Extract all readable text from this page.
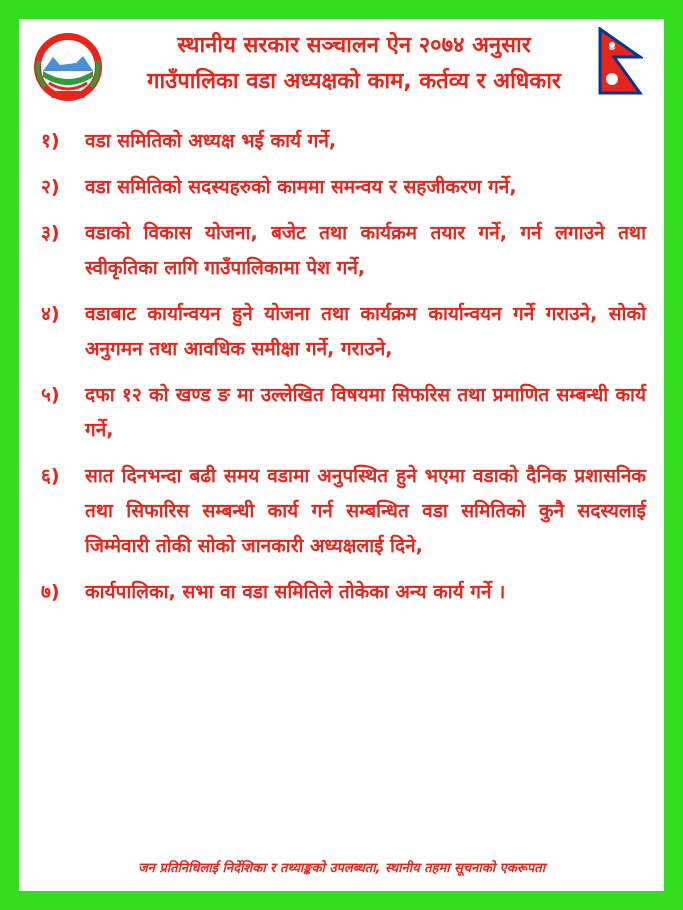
स्थानीय सरकार सञ्चालन ऐन २०७४ अनुसार
गाउँपालिका वडा अध्यक्षको काम, कर्तव्य र अधिकार
१)	वडा समितिको अध्यक्ष भई कार्य गर्ने,
२)	वडा समितिको सदस्यहरुको काममा समन्वय र सहजीकरण गर्ने,
३)	वडाको विकास योजना, बजेट तथा कार्यक्रम तयार गर्ने, गर्न लगाउने तथा स्वीकृतिका लागि गाउँपालिकामा पेश गर्ने,
४)	वडाबाट कार्यान्वयन हुने योजना तथा कार्यक्रम कार्यान्वयन गर्ने गराउने, सोको अनुगमन तथा आवधिक समीक्षा गर्ने, गराउने,
५)	दफा १२ को खण्ड ङ मा उल्लेखित विषयमा सिफरिस तथा प्रमाणित सम्बन्धी कार्य गर्ने,
६)	सात दिनभन्दा बढी समय वडामा अनुपस्थित हुने भएमा वडाको दैनिक प्रशासनिक तथा सिफारिस सम्बन्धी कार्य गर्न सम्बन्धित वडा समितिको कुनै सदस्यलाई जिम्मेवारी तोकी सोको जानकारी अध्यक्षलाई दिने,
७)	कार्यपालिका, सभा वा वडा समितिले तोकेका अन्य कार्य गर्ने ।
जन प्रतिनिधिलाई निर्देशिका र तथ्याङ्कको उपलब्धता, स्थानीय तहमा सूचनाको एकरूपता
